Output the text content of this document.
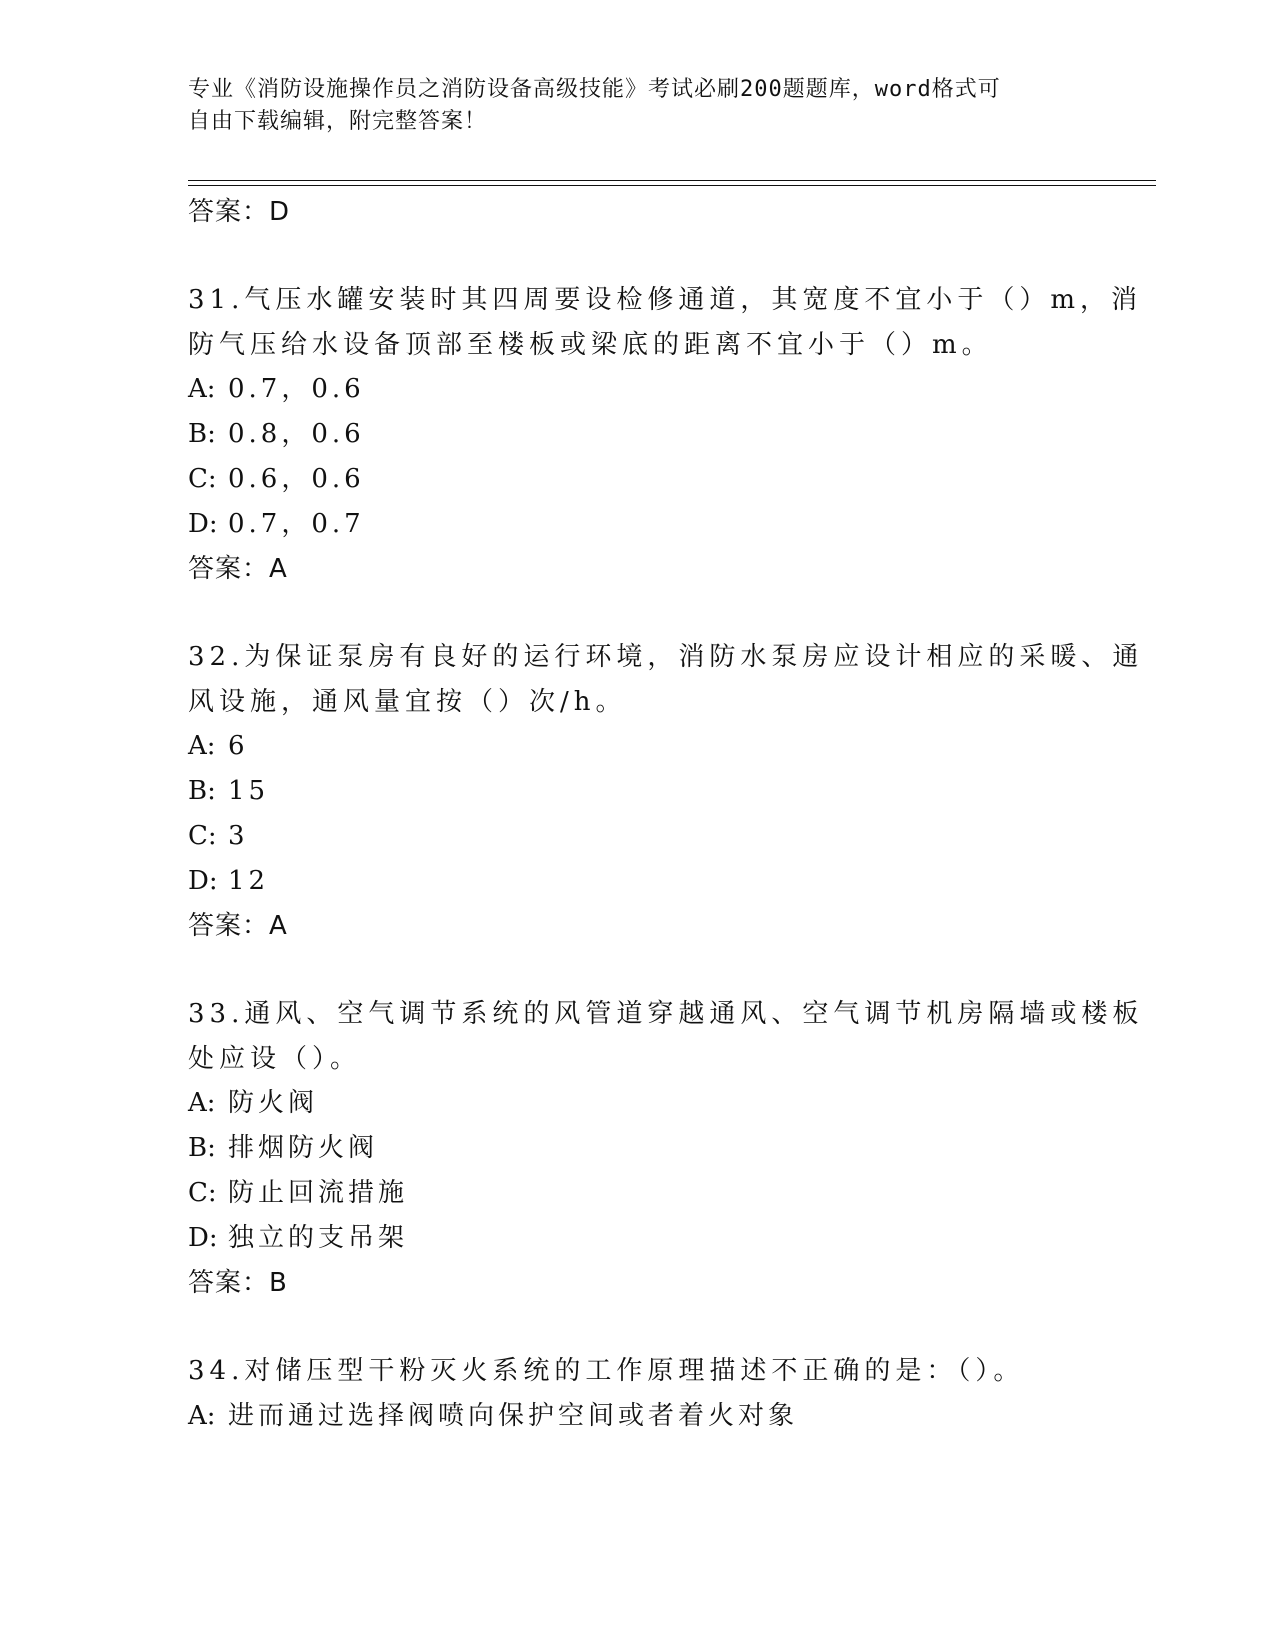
专业《消防设施操作员之消防设备高级技能》考试必刷200题题库，word格式可
自由下载编辑，附完整答案！
答案：D
31.气压水罐安装时其四周要设检修通道，其宽度不宜小于（）m，消
防气压给水设备顶部至楼板或梁底的距离不宜小于（）m。
A: 0.7，0.6
B: 0.8，0.6
C: 0.6，0.6
D: 0.7，0.7
答案：A
32.为保证泵房有良好的运行环境，消防水泵房应设计相应的采暖、通
风设施，通风量宜按（）次/h。
A: 6
B: 15
C: 3
D: 12
答案：A
33.通风、空气调节系统的风管道穿越通风、空气调节机房隔墙或楼板
处应设（）。
A: 防火阀
B: 排烟防火阀
C: 防止回流措施
D: 独立的支吊架
答案：B
34.对储压型干粉灭火系统的工作原理描述不正确的是：（）。
A: 进而通过选择阀喷向保护空间或者着火对象
